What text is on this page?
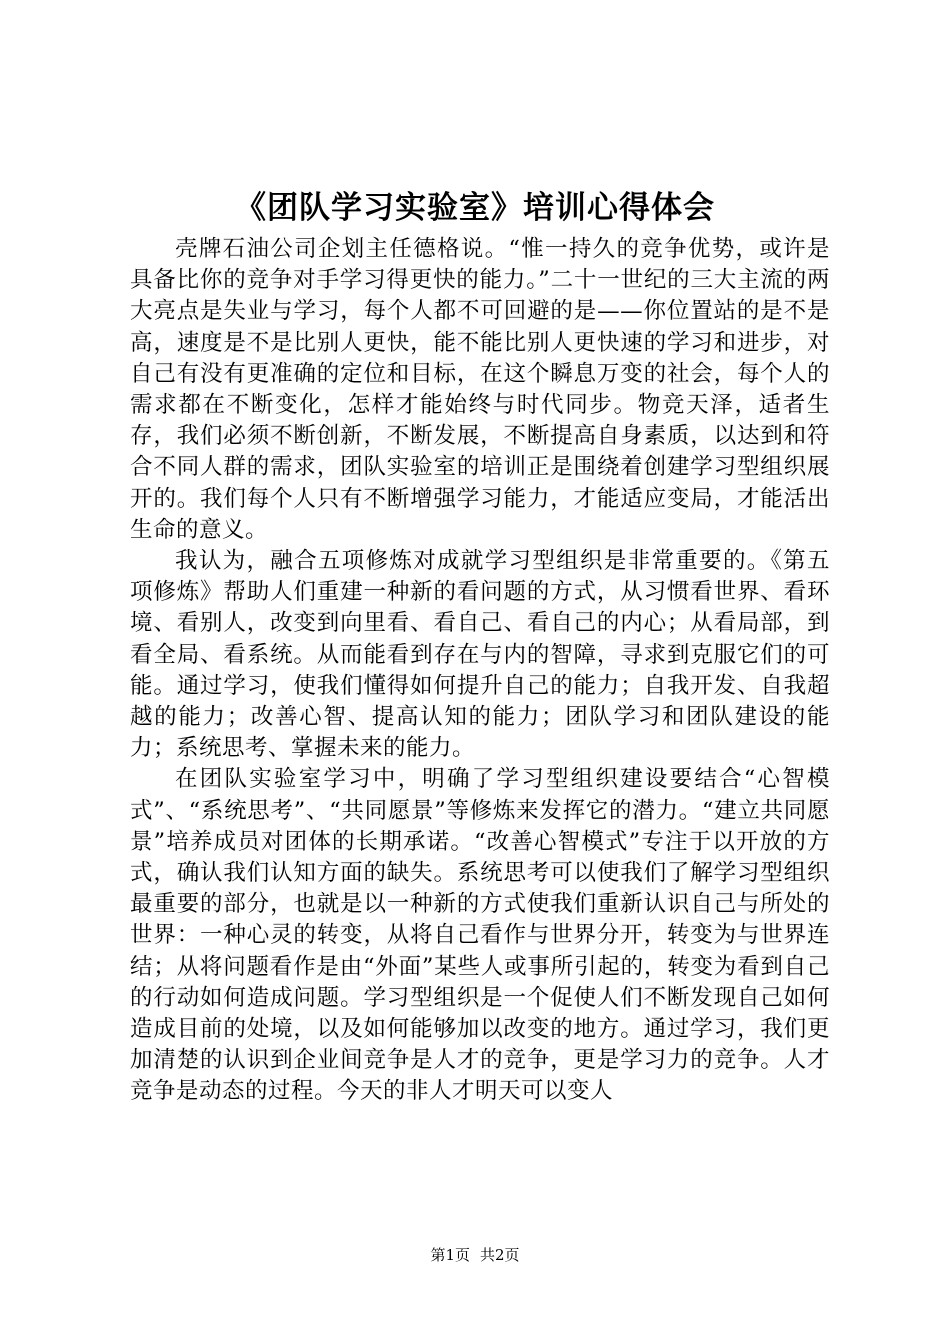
《团队学习实验室》培训心得体会

壳牌石油公司企划主任德格说。“惟一持久的竞争优势，或许是具备比你的竞争对手学习得更快的能力。”二十一世纪的三大主流的两大亮点是失业与学习，每个人都不可回避的是——你位置站的是不是高，速度是不是比别人更快，能不能比别人更快速的学习和进步，对自己有没有更准确的定位和目标，在这个瞬息万变的社会，每个人的需求都在不断变化，怎样才能始终与时代同步。物竞天泽，适者生存，我们必须不断创新，不断发展，不断提高自身素质，以达到和符合不同人群的需求，团队实验室的培训正是围绕着创建学习型组织展开的。我们每个人只有不断增强学习能力，才能适应变局，才能活出生命的意义。

我认为，融合五项修炼对成就学习型组织是非常重要的。《第五项修炼》帮助人们重建一种新的看问题的方式，从习惯看世界、看环境、看别人，改变到向里看、看自己、看自己的内心；从看局部，到看全局、看系统。从而能看到存在与内的智障，寻求到克服它们的可能。通过学习，使我们懂得如何提升自己的能力；自我开发、自我超越的能力；改善心智、提高认知的能力；团队学习和团队建设的能力；系统思考、掌握未来的能力。

在团队实验室学习中，明确了学习型组织建设要结合“心智模式”、“系统思考”、“共同愿景”等修炼来发挥它的潜力。“建立共同愿景”培养成员对团体的长期承诺。“改善心智模式”专注于以开放的方式，确认我们认知方面的缺失。系统思考可以使我们了解学习型组织最重要的部分，也就是以一种新的方式使我们重新认识自己与所处的世界：一种心灵的转变，从将自己看作与世界分开，转变为与世界连结；从将问题看作是由“外面”某些人或事所引起的，转变为看到自己的行动如何造成问题。学习型组织是一个促使人们不断发现自己如何造成目前的处境，以及如何能够加以改变的地方。通过学习，我们更加清楚的认识到企业间竞争是人才的竞争，更是学习力的竞争。人才竞争是动态的过程。今天的非人才明天可以变人

第1页 共2页
